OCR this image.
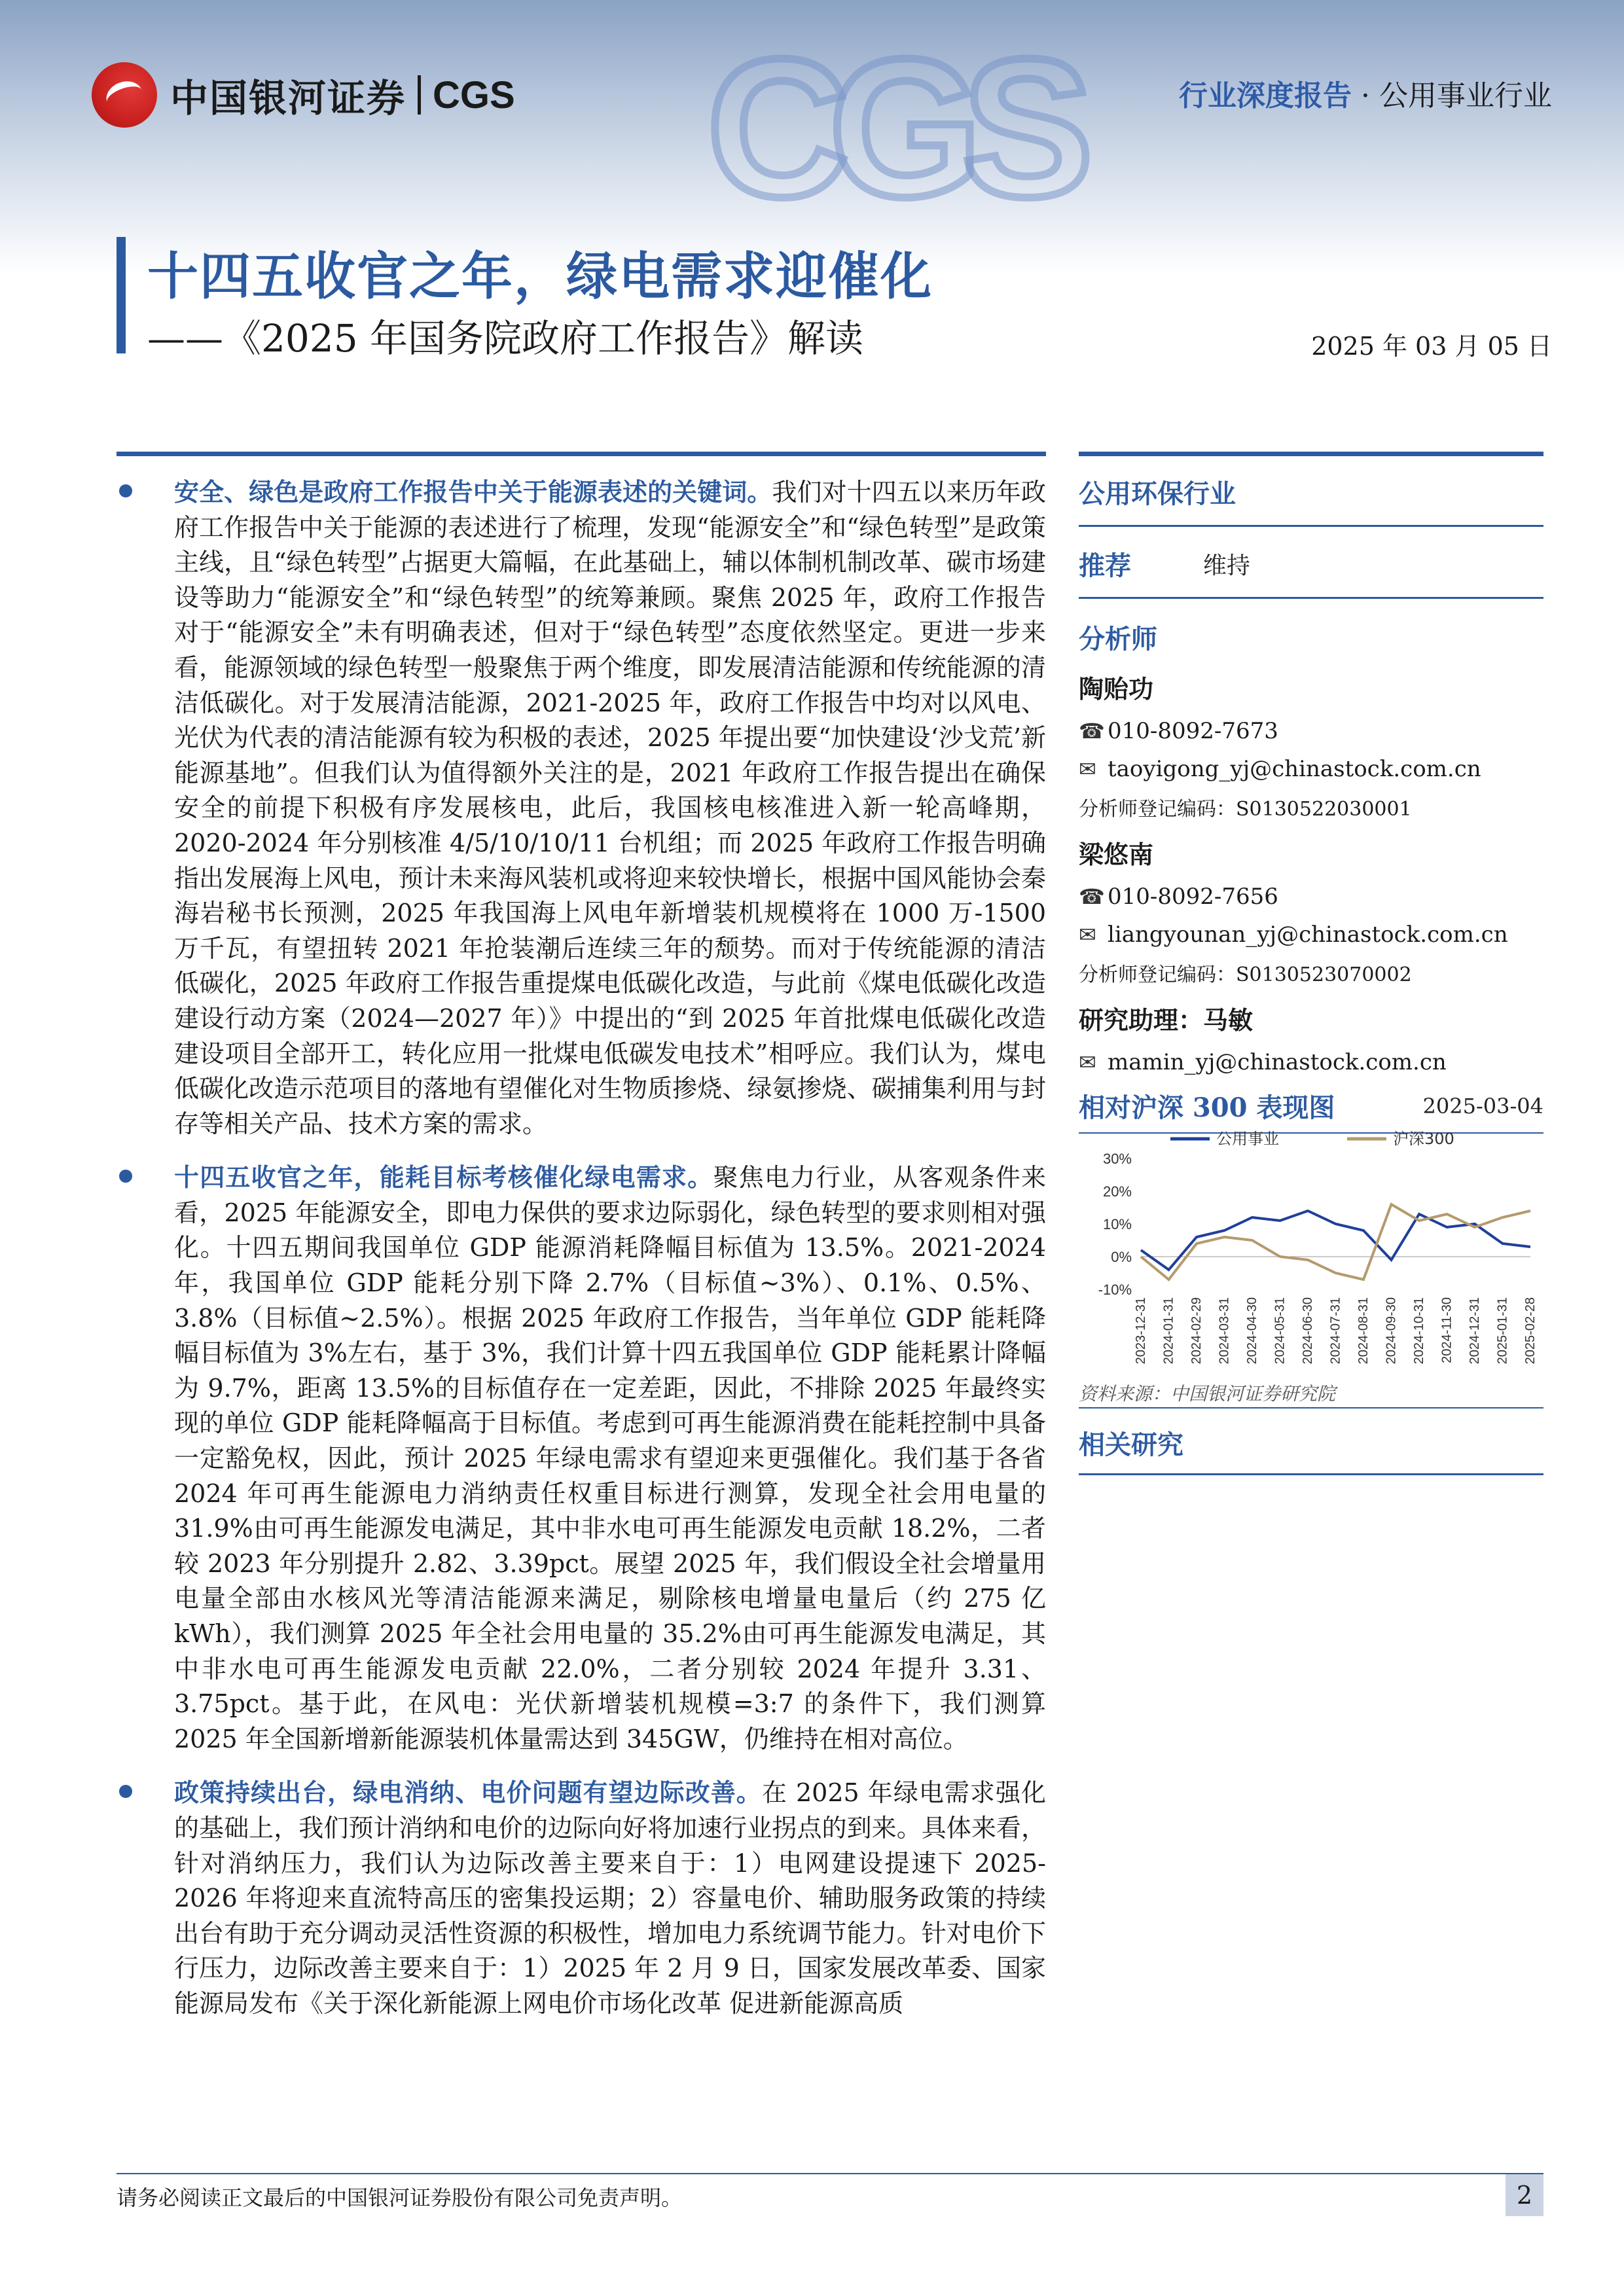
CGS
中国银河证券 CGS	行业深度报告 · 公用事业行业
十四五收官之年，绿电需求迎催化
——《2025 年国务院政府工作报告》解读	2025 年 03 月 05 日
安全、绿色是政府工作报告中关于能源表述的关键词。我们对十四五以来历年政府工作报告中关于能源的表述进行了梳理，发现“能源安全”和“绿色转型”是政策主线，且“绿色转型”占据更大篇幅，在此基础上，辅以体制机制改革、碳市场建设等助力“能源安全”和“绿色转型”的统筹兼顾。聚焦 2025 年，政府工作报告对于“能源安全”未有明确表述，但对于“绿色转型”态度依然坚定。更进一步来看，能源领域的绿色转型一般聚焦于两个维度，即发展清洁能源和传统能源的清洁低碳化。对于发展清洁能源，2021-2025 年，政府工作报告中均对以风电、光伏为代表的清洁能源有较为积极的表述，2025 年提出要“加快建设‘沙戈荒’新能源基地”。但我们认为值得额外关注的是，2021 年政府工作报告提出在确保安全的前提下积极有序发展核电，此后，我国核电核准进入新一轮高峰期，2020-2024 年分别核准 4/5/10/10/11 台机组；而 2025 年政府工作报告明确指出发展海上风电，预计未来海风装机或将迎来较快增长，根据中国风能协会秦海岩秘书长预测，2025 年我国海上风电年新增装机规模将在 1000 万-1500 万千瓦，有望扭转 2021 年抢装潮后连续三年的颓势。而对于传统能源的清洁低碳化，2025 年政府工作报告重提煤电低碳化改造，与此前《煤电低碳化改造建设行动方案（2024—2027 年）》中提出的“到 2025 年首批煤电低碳化改造建设项目全部开工，转化应用一批煤电低碳发电技术”相呼应。我们认为，煤电低碳化改造示范项目的落地有望催化对生物质掺烧、绿氨掺烧、碳捕集利用与封存等相关产品、技术方案的需求。
十四五收官之年，能耗目标考核催化绿电需求。聚焦电力行业，从客观条件来看，2025 年能源安全，即电力保供的要求边际弱化，绿色转型的要求则相对强化。十四五期间我国单位 GDP 能源消耗降幅目标值为 13.5%。2021-2024 年，我国单位 GDP 能耗分别下降 2.7%（目标值~3%）、0.1%、0.5%、3.8%（目标值~2.5%）。根据 2025 年政府工作报告，当年单位 GDP 能耗降幅目标值为 3%左右，基于 3%，我们计算十四五我国单位 GDP 能耗累计降幅为 9.7%，距离 13.5%的目标值存在一定差距，因此，不排除 2025 年最终实现的单位 GDP 能耗降幅高于目标值。考虑到可再生能源消费在能耗控制中具备一定豁免权，因此，预计 2025 年绿电需求有望迎来更强催化。我们基于各省 2024 年可再生能源电力消纳责任权重目标进行测算，发现全社会用电量的 31.9%由可再生能源发电满足，其中非水电可再生能源发电贡献 18.2%，二者较 2023 年分别提升 2.82、3.39pct。展望 2025 年，我们假设全社会增量用电量全部由水核风光等清洁能源来满足，剔除核电增量电量后（约 275 亿 kWh），我们测算 2025 年全社会用电量的 35.2%由可再生能源发电满足，其中非水电可再生能源发电贡献 22.0%，二者分别较 2024 年提升 3.31、3.75pct。基于此，在风电：光伏新增装机规模=3:7 的条件下，我们测算 2025 年全国新增新能源装机体量需达到 345GW，仍维持在相对高位。
政策持续出台，绿电消纳、电价问题有望边际改善。在 2025 年绿电需求强化的基础上，我们预计消纳和电价的边际向好将加速行业拐点的到来。具体来看，针对消纳压力，我们认为边际改善主要来自于：1）电网建设提速下 2025-2026 年将迎来直流特高压的密集投运期；2）容量电价、辅助服务政策的持续出台有助于充分调动灵活性资源的积极性，增加电力系统调节能力。针对电价下行压力，边际改善主要来自于：1）2025 年 2 月 9 日，国家发展改革委、国家能源局发布《关于深化新能源上网电价市场化改革 促进新能源高质
公用环保行业
推荐	维持
分析师
陶贻功
☎ 010-8092-7673
✉ taoyigong_yj@chinastock.com.cn
分析师登记编码：S0130522030001
梁悠南
☎ 010-8092-7656
✉ liangyounan_yj@chinastock.com.cn
分析师登记编码：S0130523070002
研究助理：马敏
✉ mamin_yj@chinastock.com.cn
相对沪深 300 表现图	2025-03-04
30%
20%
10%
0%
-10%
2023-12-31 2024-01-31 2024-02-29 2024-03-31 2024-04-30 2024-05-31 2024-06-30 2024-07-31 2024-08-31 2024-09-30 2024-10-31 2024-11-30 2024-12-31 2025-01-31 2025-02-28
公用事业	沪深300
资料来源：中国银河证券研究院
相关研究
请务必阅读正文最后的中国银河证券股份有限公司免责声明。	2
